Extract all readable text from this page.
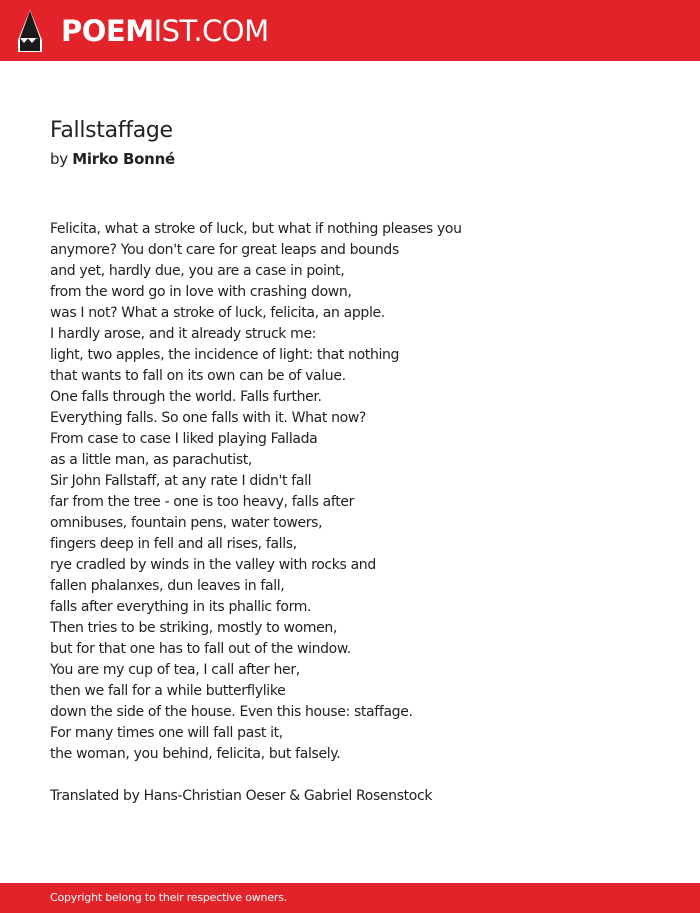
POEMIST.COM
Fallstaffage
by Mirko Bonné
Felicita, what a stroke of luck, but what if nothing pleases you
anymore? You don't care for great leaps and bounds
and yet, hardly due, you are a case in point,
from the word go in love with crashing down,
was I not? What a stroke of luck, felicita, an apple.
I hardly arose, and it already struck me:
light, two apples, the incidence of light: that nothing
that wants to fall on its own can be of value.
One falls through the world. Falls further.
Everything falls. So one falls with it. What now?
From case to case I liked playing Fallada
as a little man, as parachutist,
Sir John Fallstaff, at any rate I didn't fall
far from the tree - one is too heavy, falls after
omnibuses, fountain pens, water towers,
fingers deep in fell and all rises, falls,
rye cradled by winds in the valley with rocks and
fallen phalanxes, dun leaves in fall,
falls after everything in its phallic form.
Then tries to be striking, mostly to women,
but for that one has to fall out of the window.
You are my cup of tea, I call after her,
then we fall for a while butterflylike
down the side of the house. Even this house: staffage.
For many times one will fall past it,
the woman, you behind, felicita, but falsely.
Translated by Hans-Christian Oeser & Gabriel Rosenstock
Copyright belong to their respective owners.
